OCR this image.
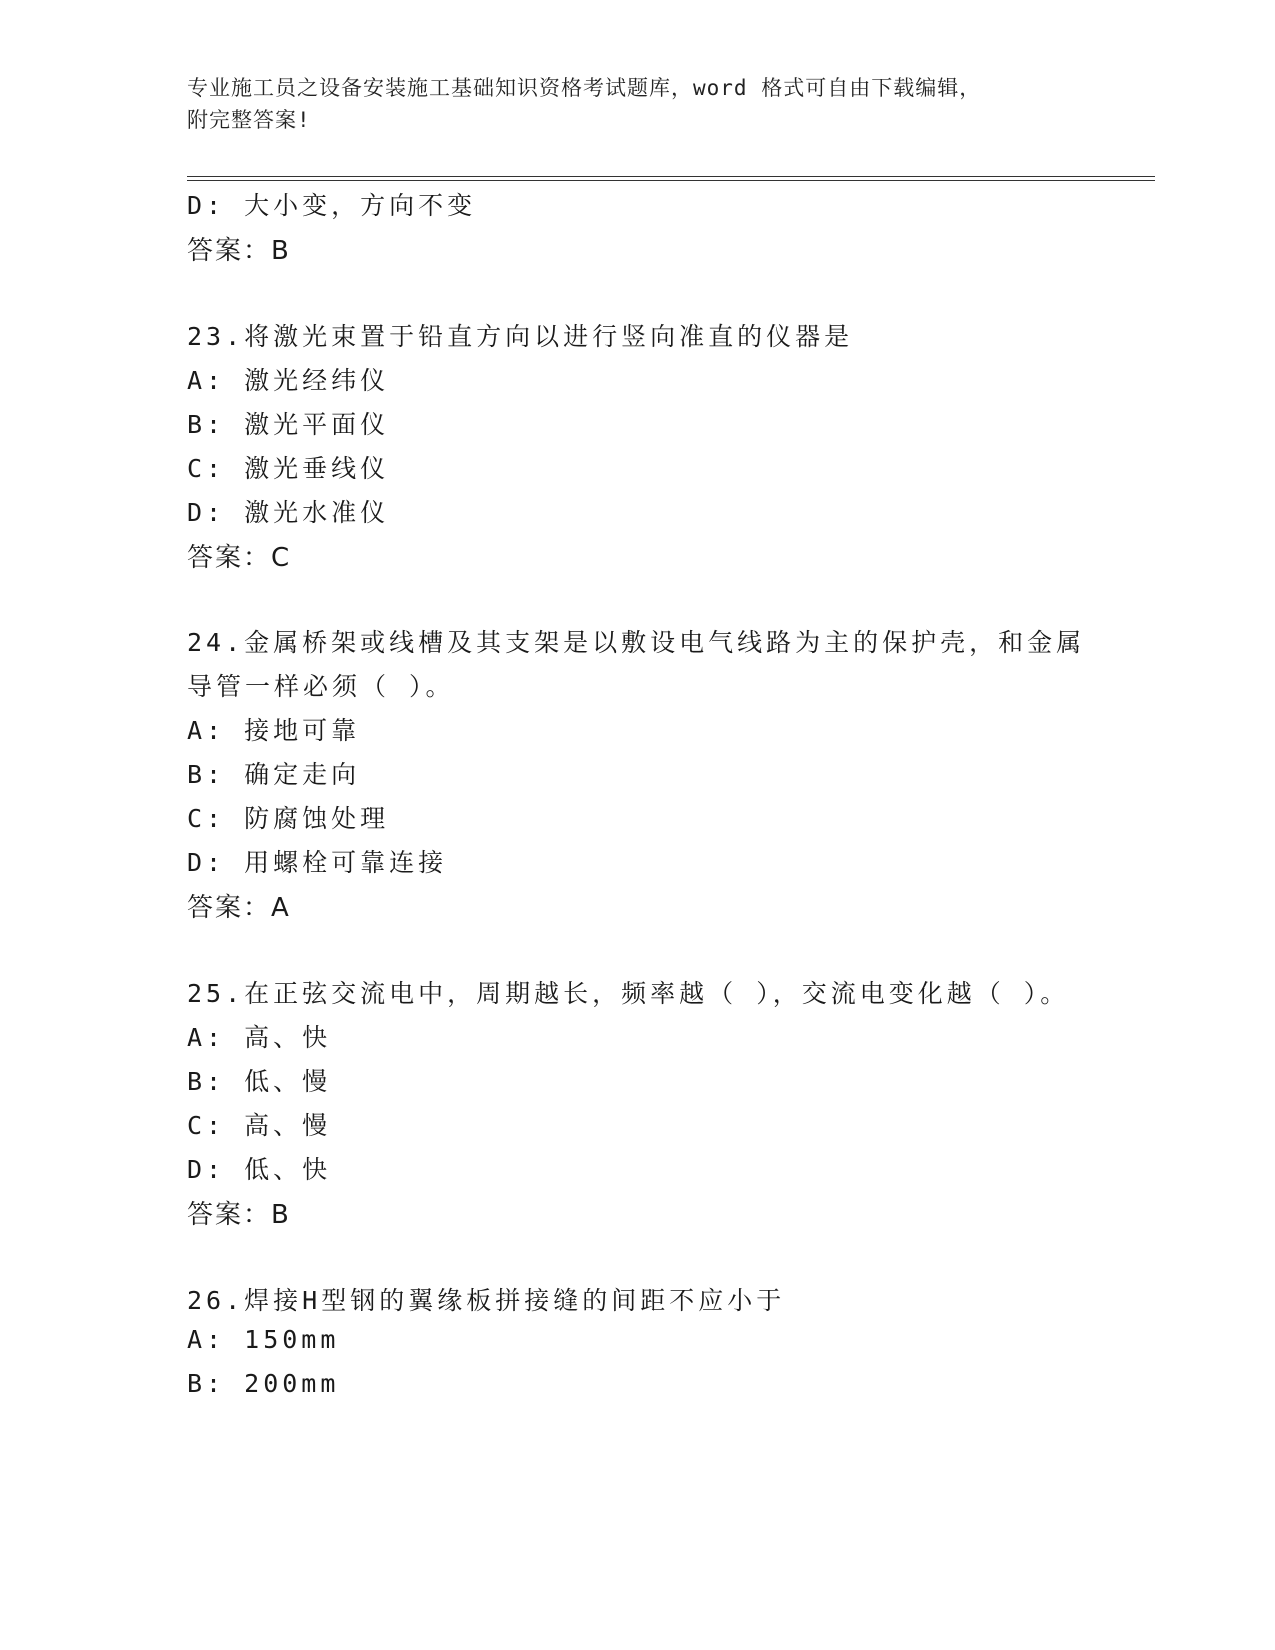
专业施工员之设备安装施工基础知识资格考试题库，word 格式可自由下载编辑，
附完整答案!
D: 大小变，方向不变
答案：B
23.将激光束置于铅直方向以进行竖向准直的仪器是
A: 激光经纬仪
B: 激光平面仪
C: 激光垂线仪
D: 激光水准仪
答案：C
24.金属桥架或线槽及其支架是以敷设电气线路为主的保护壳，和金属
导管一样必须（ ）。
A: 接地可靠
B: 确定走向
C: 防腐蚀处理
D: 用螺栓可靠连接
答案：A
25.在正弦交流电中，周期越长，频率越（ ），交流电变化越（ ）。
A: 高、快
B: 低、慢
C: 高、慢
D: 低、快
答案：B
26.焊接H型钢的翼缘板拼接缝的间距不应小于
A: 150mm
B: 200mm
